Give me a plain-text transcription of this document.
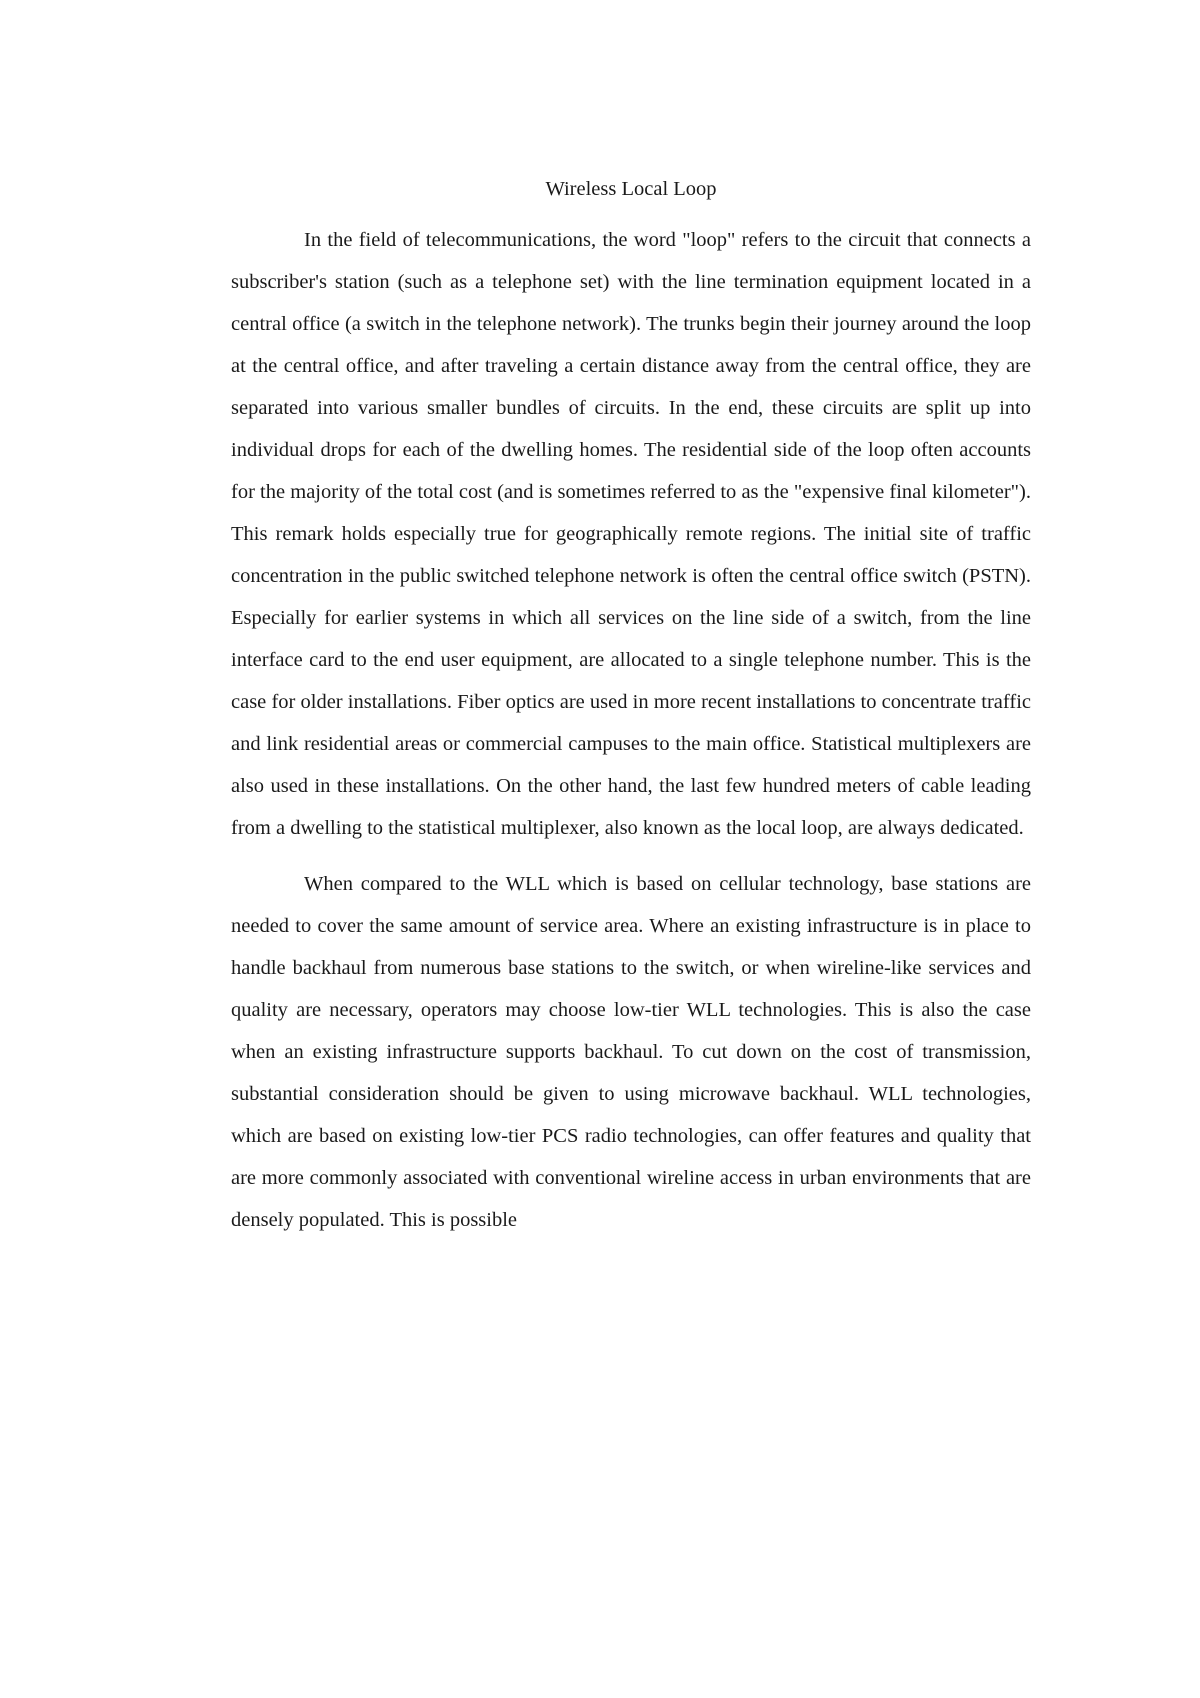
Wireless Local Loop

In the field of telecommunications, the word "loop" refers to the circuit that connects a subscriber's station (such as a telephone set) with the line termination equipment located in a central office (a switch in the telephone network). The trunks begin their journey around the loop at the central office, and after traveling a certain distance away from the central office, they are separated into various smaller bundles of circuits. In the end, these circuits are split up into individual drops for each of the dwelling homes. The residential side of the loop often accounts for the majority of the total cost (and is sometimes referred to as the "expensive final kilometer"). This remark holds especially true for geographically remote regions. The initial site of traffic concentration in the public switched telephone network is often the central office switch (PSTN). Especially for earlier systems in which all services on the line side of a switch, from the line interface card to the end user equipment, are allocated to a single telephone number. This is the case for older installations. Fiber optics are used in more recent installations to concentrate traffic and link residential areas or commercial campuses to the main office. Statistical multiplexers are also used in these installations. On the other hand, the last few hundred meters of cable leading from a dwelling to the statistical multiplexer, also known as the local loop, are always dedicated.

When compared to the WLL which is based on cellular technology, base stations are needed to cover the same amount of service area. Where an existing infrastructure is in place to handle backhaul from numerous base stations to the switch, or when wireline-like services and quality are necessary, operators may choose low-tier WLL technologies. This is also the case when an existing infrastructure supports backhaul. To cut down on the cost of transmission, substantial consideration should be given to using microwave backhaul. WLL technologies, which are based on existing low-tier PCS radio technologies, can offer features and quality that are more commonly associated with conventional wireline access in urban environments that are densely populated. This is possible
